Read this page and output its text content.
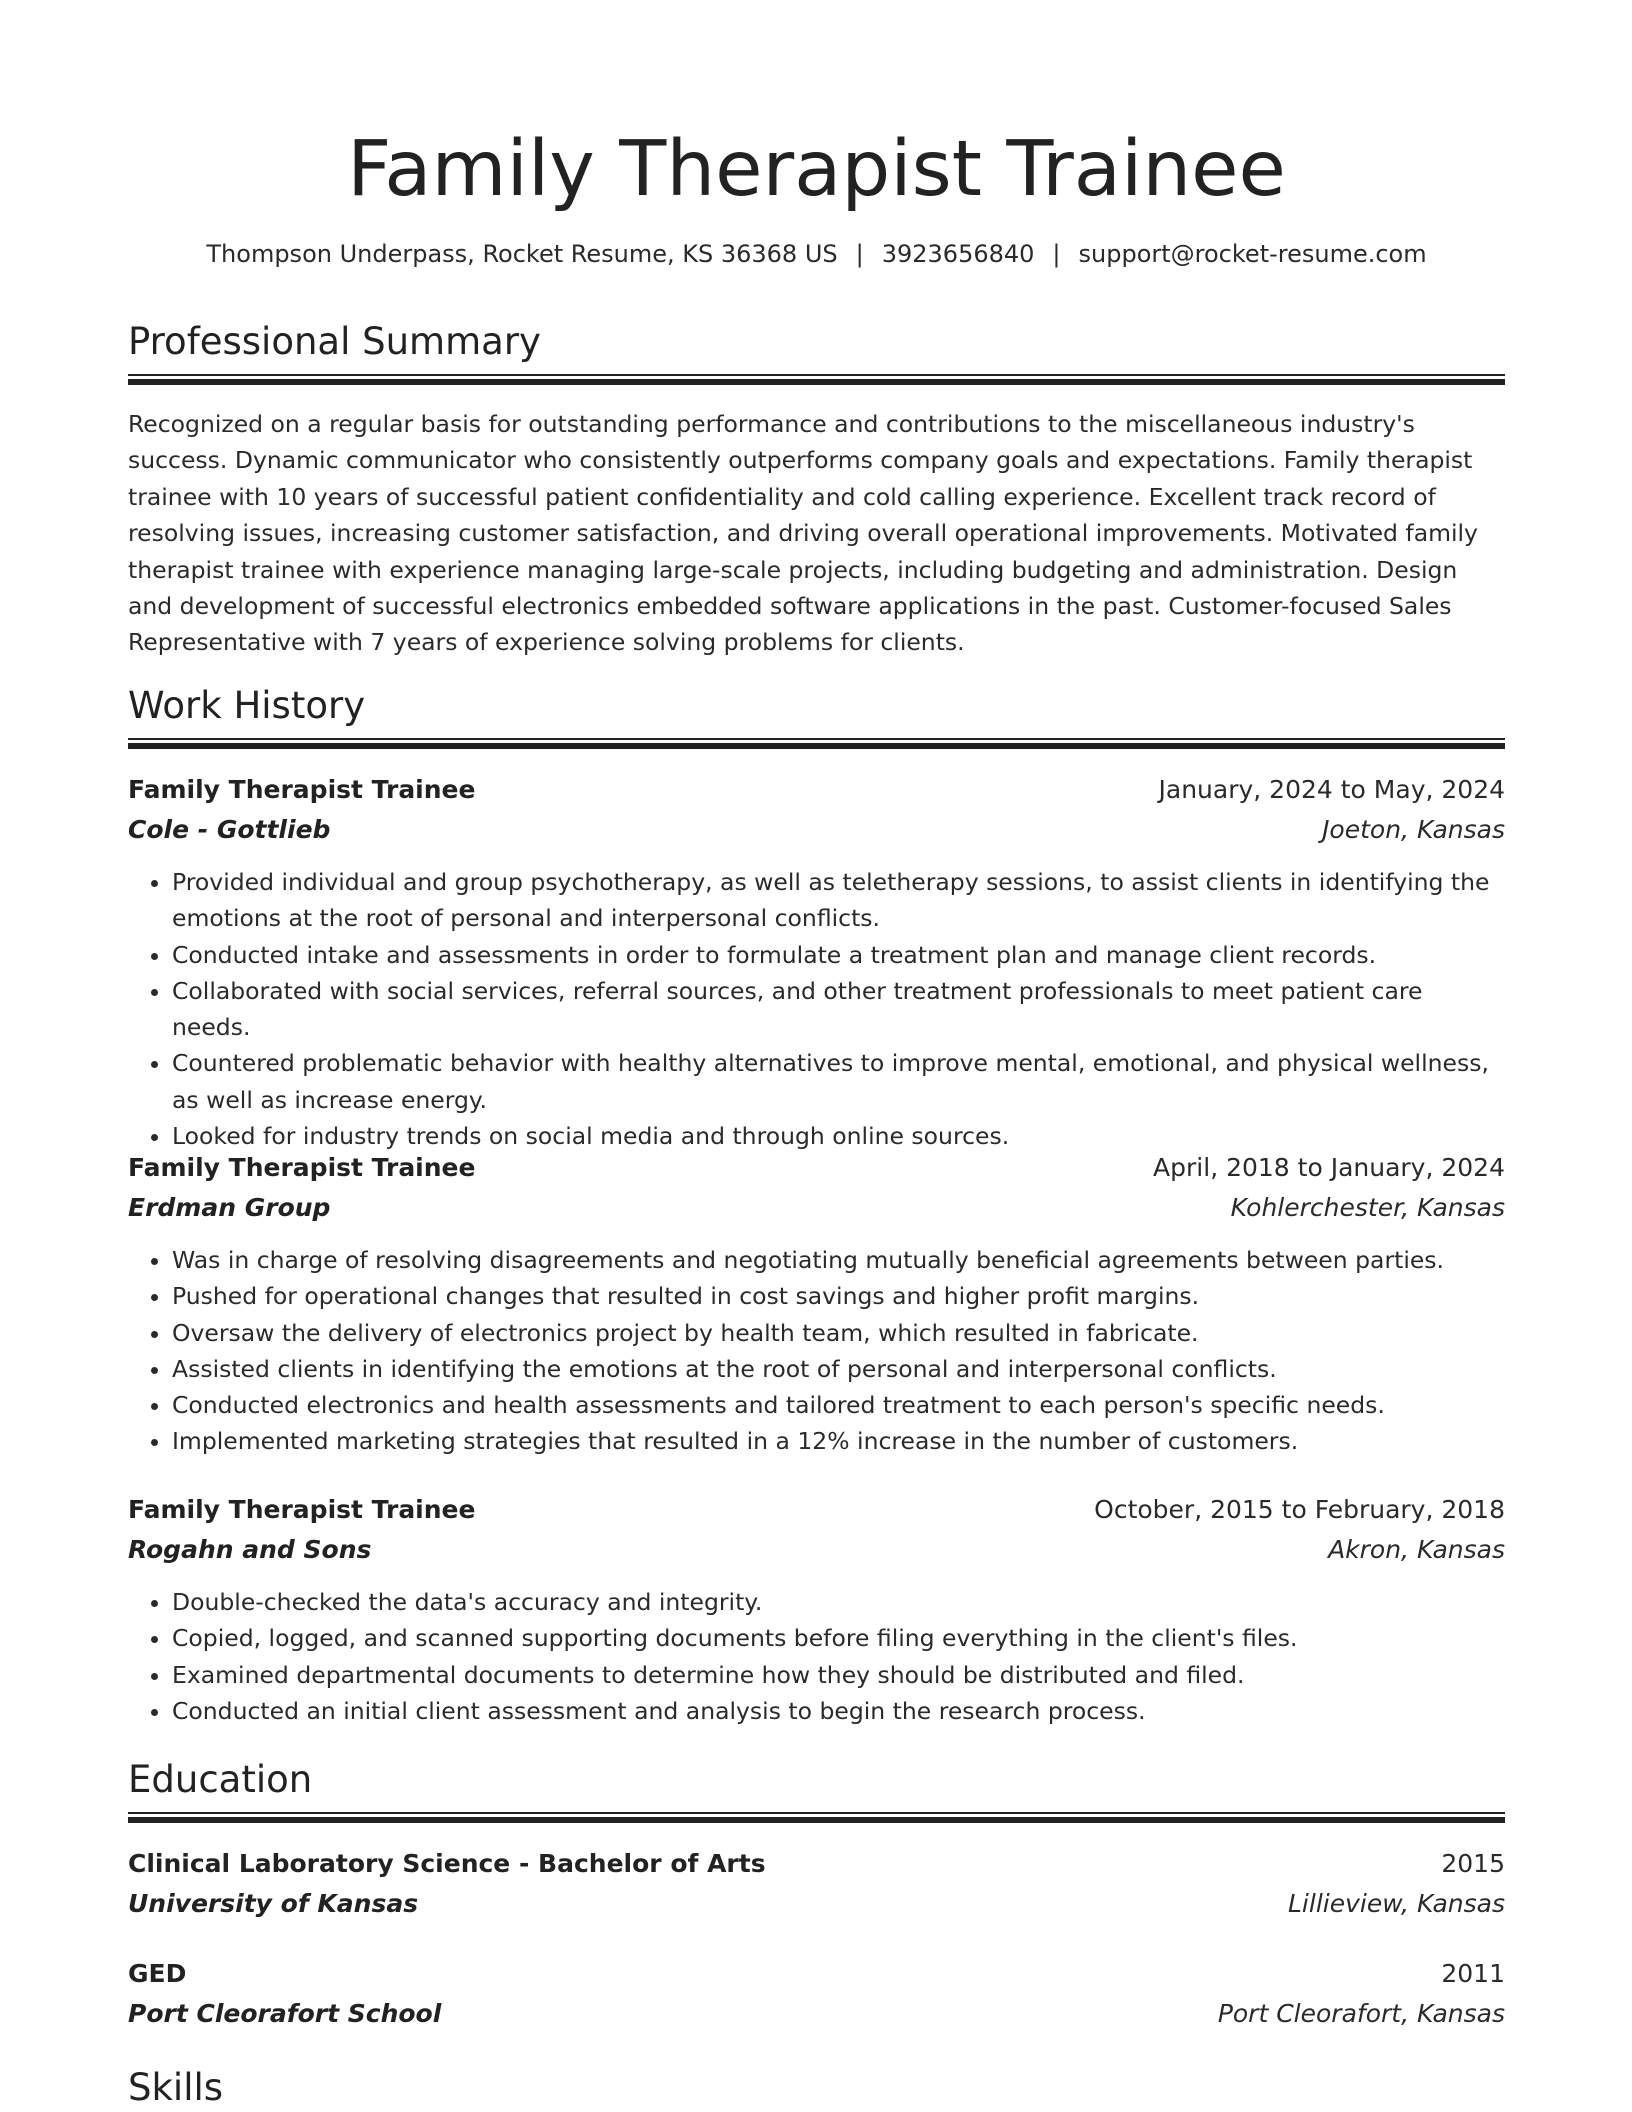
Family Therapist Trainee
Thompson Underpass, Rocket Resume, KS 36368 US | 3923656840 | support@rocket-resume.com
Professional Summary
Recognized on a regular basis for outstanding performance and contributions to the miscellaneous industry's success. Dynamic communicator who consistently outperforms company goals and expectations. Family therapist trainee with 10 years of successful patient confidentiality and cold calling experience. Excellent track record of resolving issues, increasing customer satisfaction, and driving overall operational improvements. Motivated family therapist trainee with experience managing large-scale projects, including budgeting and administration. Design and development of successful electronics embedded software applications in the past. Customer-focused Sales Representative with 7 years of experience solving problems for clients.
Work History
Family Therapist Trainee	January, 2024 to May, 2024
Cole - Gottlieb	Joeton, Kansas
• Provided individual and group psychotherapy, as well as teletherapy sessions, to assist clients in identifying the emotions at the root of personal and interpersonal conflicts.
• Conducted intake and assessments in order to formulate a treatment plan and manage client records.
• Collaborated with social services, referral sources, and other treatment professionals to meet patient care needs.
• Countered problematic behavior with healthy alternatives to improve mental, emotional, and physical wellness, as well as increase energy.
• Looked for industry trends on social media and through online sources.
Family Therapist Trainee	April, 2018 to January, 2024
Erdman Group	Kohlerchester, Kansas
• Was in charge of resolving disagreements and negotiating mutually beneficial agreements between parties.
• Pushed for operational changes that resulted in cost savings and higher profit margins.
• Oversaw the delivery of electronics project by health team, which resulted in fabricate.
• Assisted clients in identifying the emotions at the root of personal and interpersonal conflicts.
• Conducted electronics and health assessments and tailored treatment to each person's specific needs.
• Implemented marketing strategies that resulted in a 12% increase in the number of customers.
Family Therapist Trainee	October, 2015 to February, 2018
Rogahn and Sons	Akron, Kansas
• Double-checked the data's accuracy and integrity.
• Copied, logged, and scanned supporting documents before filing everything in the client's files.
• Examined departmental documents to determine how they should be distributed and filed.
• Conducted an initial client assessment and analysis to begin the research process.
Education
Clinical Laboratory Science - Bachelor of Arts	2015
University of Kansas	Lillieview, Kansas
GED	2011
Port Cleorafort School	Port Cleorafort, Kansas
Skills
